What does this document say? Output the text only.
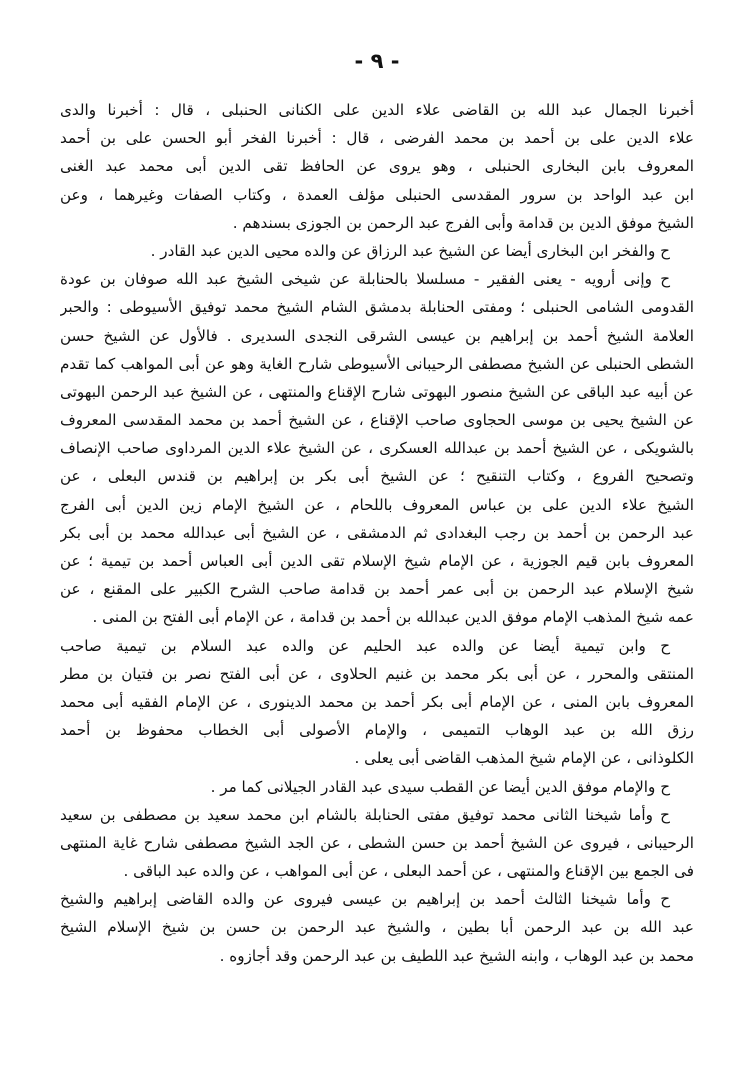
- ٩ -
أخبرنا الجمال عبد الله بن القاضى علاء الدين على الكنانى الحنبلى ، قال : أخبرنا والدى
علاء الدين على بن أحمد بن محمد الفرضى ، قال : أخبرنا الفخر أبو الحسن على بن أحمد
المعروف بابن البخارى الحنبلى ، وهو يروى عن الحافظ تقى الدين أبى محمد عبد الغنى
ابن عبد الواحد بن سرور المقدسى الحنبلى مؤلف العمدة ، وكتاب الصفات وغيرهما ، وعن
الشيخ موفق الدين بن قدامة وأبى الفرج عبد الرحمن بن الجوزى بسندهم .
ح والفخر ابن البخارى أيضا عن الشيخ عبد الرزاق عن والده محيى الدين عبد القادر .
ح وإنى أرويه - يعنى الفقير - مسلسلا بالحنابلة عن شيخى الشيخ عبد الله صوفان بن عودة
القدومى الشامى الحنبلى ؛ ومفتى الحنابلة بدمشق الشام الشيخ محمد توفيق الأسيوطى : والحبر
العلامة الشيخ أحمد بن إبراهيم بن عيسى الشرقى النجدى السديرى . فالأول عن الشيخ حسن
الشطى الحنبلى عن الشيخ مصطفى الرحيبانى الأسيوطى شارح الغاية وهو عن أبى المواهب كما تقدم
عن أبيه عبد الباقى عن الشيخ منصور البهوتى شارح الإقناع والمنتهى ، عن الشيخ عبد الرحمن البهوتى
عن الشيخ يحيى بن موسى الحجاوى صاحب الإقناع ، عن الشيخ أحمد بن محمد المقدسى المعروف
بالشويكى ، عن الشيخ أحمد بن عبدالله العسكرى ، عن الشيخ علاء الدين المرداوى صاحب الإنصاف
وتصحيح الفروع ، وكتاب التنقيح ؛ عن الشيخ أبى بكر بن إبراهيم بن قندس البعلى ، عن
الشيخ علاء الدين على بن عباس المعروف باللحام ، عن الشيخ الإمام زين الدين أبى الفرج
عبد الرحمن بن أحمد بن رجب البغدادى ثم الدمشقى ، عن الشيخ أبى عبدالله محمد بن أبى بكر
المعروف بابن قيم الجوزية ، عن الإمام شيخ الإسلام تقى الدين أبى العباس أحمد بن تيمية ؛ عن
شيخ الإسلام عبد الرحمن بن أبى عمر أحمد بن قدامة صاحب الشرح الكبير على المقنع ، عن
عمه شيخ المذهب الإمام موفق الدين عبدالله بن أحمد بن قدامة ، عن الإمام أبى الفتح بن المنى .
ح وابن تيمية أيضا عن والده عبد الحليم عن والده عبد السلام بن تيمية صاحب
المنتقى والمحرر ، عن أبى بكر محمد بن غنيم الحلاوى ، عن أبى الفتح نصر بن فتيان بن مطر
المعروف بابن المنى ، عن الإمام أبى بكر أحمد بن محمد الدينورى ، عن الإمام الفقيه أبى محمد
رزق الله بن عبد الوهاب التميمى ، والإمام الأصولى أبى الخطاب محفوظ بن أحمد
الكلوذانى ، عن الإمام شيخ المذهب القاضى أبى يعلى .
ح والإمام موفق الدين أيضا عن القطب سيدى عبد القادر الجيلانى كما مر .
ح وأما شيخنا الثانى محمد توفيق مفتى الحنابلة بالشام ابن محمد سعيد بن مصطفى بن سعيد
الرحيبانى ، فيروى عن الشيخ أحمد بن حسن الشطى ، عن الجد الشيخ مصطفى شارح غاية المنتهى
فى الجمع بين الإقناع والمنتهى ، عن أحمد البعلى ، عن أبى المواهب ، عن والده عبد الباقى .
ح وأما شيخنا الثالث أحمد بن إبراهيم بن عيسى فيروى عن والده القاضى إبراهيم والشيخ
عبد الله بن عبد الرحمن أبا بطين ، والشيخ عبد الرحمن بن حسن بن شيخ الإسلام الشيخ
محمد بن عبد الوهاب ، وابنه الشيخ عبد اللطيف بن عبد الرحمن وقد أجازوه .
